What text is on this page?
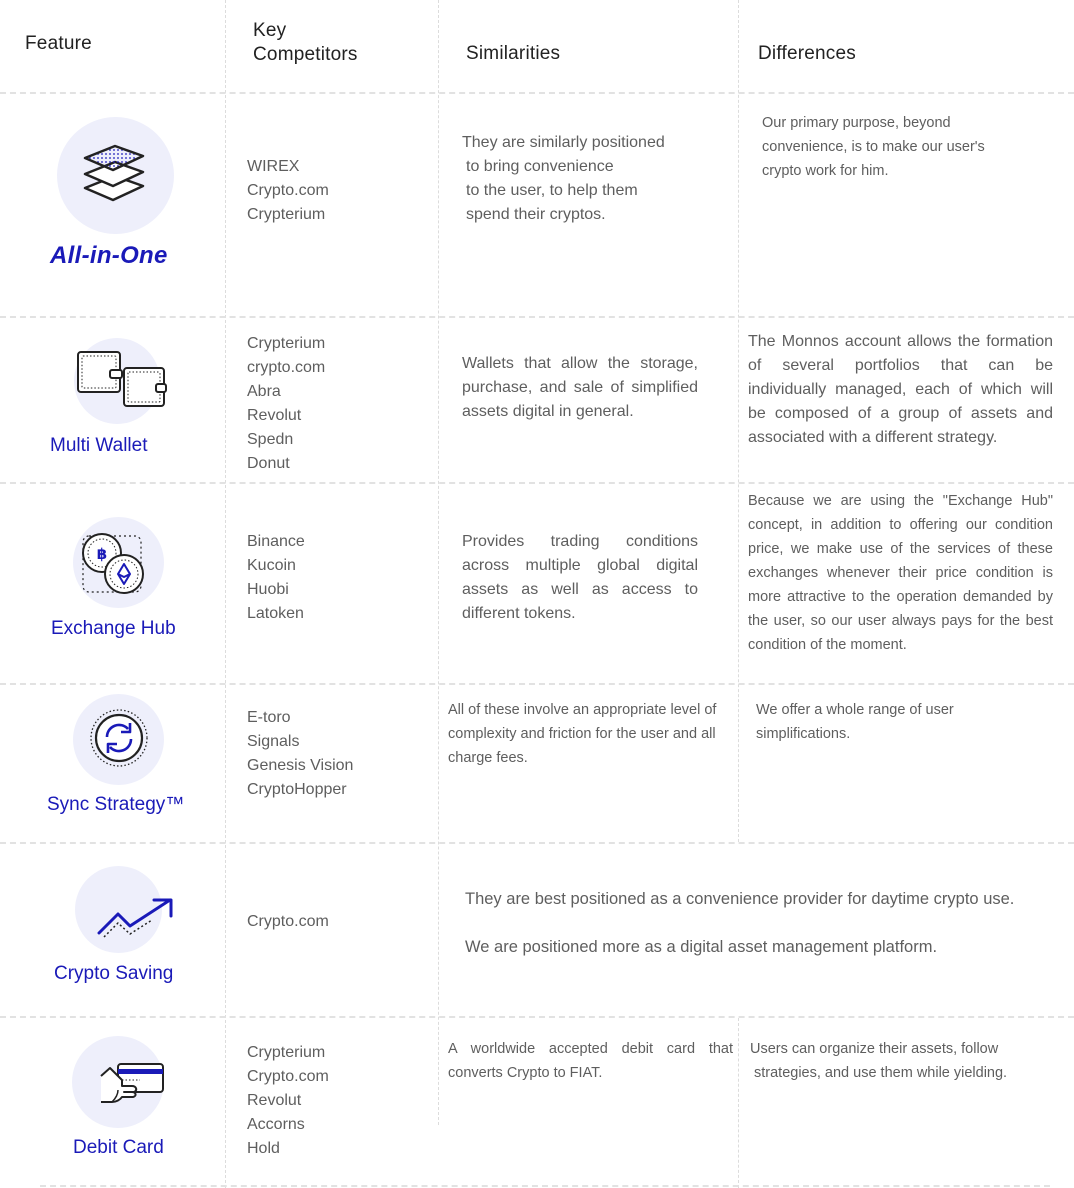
Feature
Key
Competitors	Similarities	Differences
All-in-One
WIREX
Crypto.com
Crypterium
They are similarly positioned
to bring convenience
to the user, to help them
spend their cryptos.
Our primary purpose, beyond
convenience, is to make our user's
crypto work for him.
Multi Wallet
Crypterium
crypto.com
Abra
Revolut
Spedn
Donut
Wallets that allow the storage, purchase, and sale of simplified assets digital in general.
The Monnos account allows the formation of several portfolios that can be individually managed, each of which will be composed of a group of assets and associated with a different strategy.
฿
Exchange Hub
Binance
Kucoin
Huobi
Latoken
Provides trading conditions across multiple global digital assets as well as access to different tokens.
Because we are using the "Exchange Hub" concept, in addition to offering our condition price, we make use of the services of these exchanges whenever their price condition is more attractive to the operation demanded by the user, so our user always pays for the best condition of the moment.
Sync Strategy™
E-toro
Signals
Genesis Vision
CryptoHopper
All of these involve an appropriate level of complexity and friction for the user and all charge fees.
We offer a whole range of user
simplifications.
Crypto Saving
Crypto.com
They are best positioned as a convenience provider for daytime crypto use.
We are positioned more as a digital asset management platform.
Debit Card
Crypterium
Crypto.com
Revolut
Accorns
Hold
A worldwide accepted debit card that converts Crypto to FIAT.
Users can organize their assets, follow
strategies, and use them while yielding.
